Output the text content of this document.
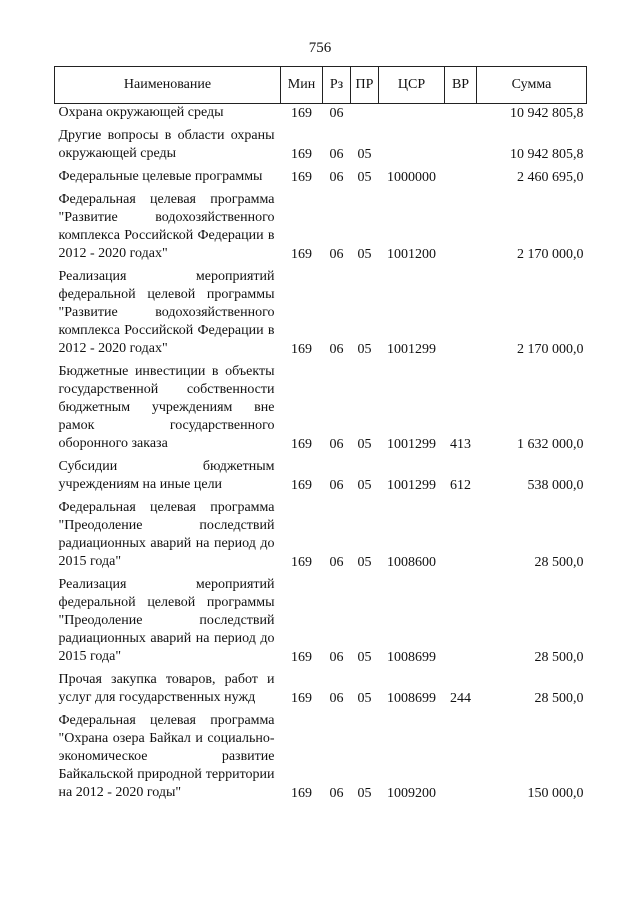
756
Наименование	Мин	Рз	ПР	ЦСР	ВР	Сумма
Охрана окружающей среды	169	06				10 942 805,8
Другие вопросы в области охраны окружающей среды	169	06	05			10 942 805,8
Федеральные целевые программы	169	06	05	1000000		2 460 695,0
Федеральная целевая программа "Развитие водохозяйственного комплекса Российской Федерации в 2012 - 2020 годах"	169	06	05	1001200		2 170 000,0
Реализация мероприятий федеральной целевой программы "Развитие водохозяйственного комплекса Российской Федерации в 2012 - 2020 годах"	169	06	05	1001299		2 170 000,0
Бюджетные инвестиции в объекты государственной собственности бюджетным учреждениям вне рамок государственного оборонного заказа	169	06	05	1001299	413	1 632 000,0
Субсидии бюджетным учреждениям на иные цели	169	06	05	1001299	612	538 000,0
Федеральная целевая программа "Преодоление последствий радиационных аварий на период до 2015 года"	169	06	05	1008600		28 500,0
Реализация мероприятий федеральной целевой программы "Преодоление последствий радиационных аварий на период до 2015 года"	169	06	05	1008699		28 500,0
Прочая закупка товаров, работ и услуг для государственных нужд	169	06	05	1008699	244	28 500,0
Федеральная целевая программа "Охрана озера Байкал и социально-экономическое развитие Байкальской природной территории на 2012 - 2020 годы"	169	06	05	1009200		150 000,0
